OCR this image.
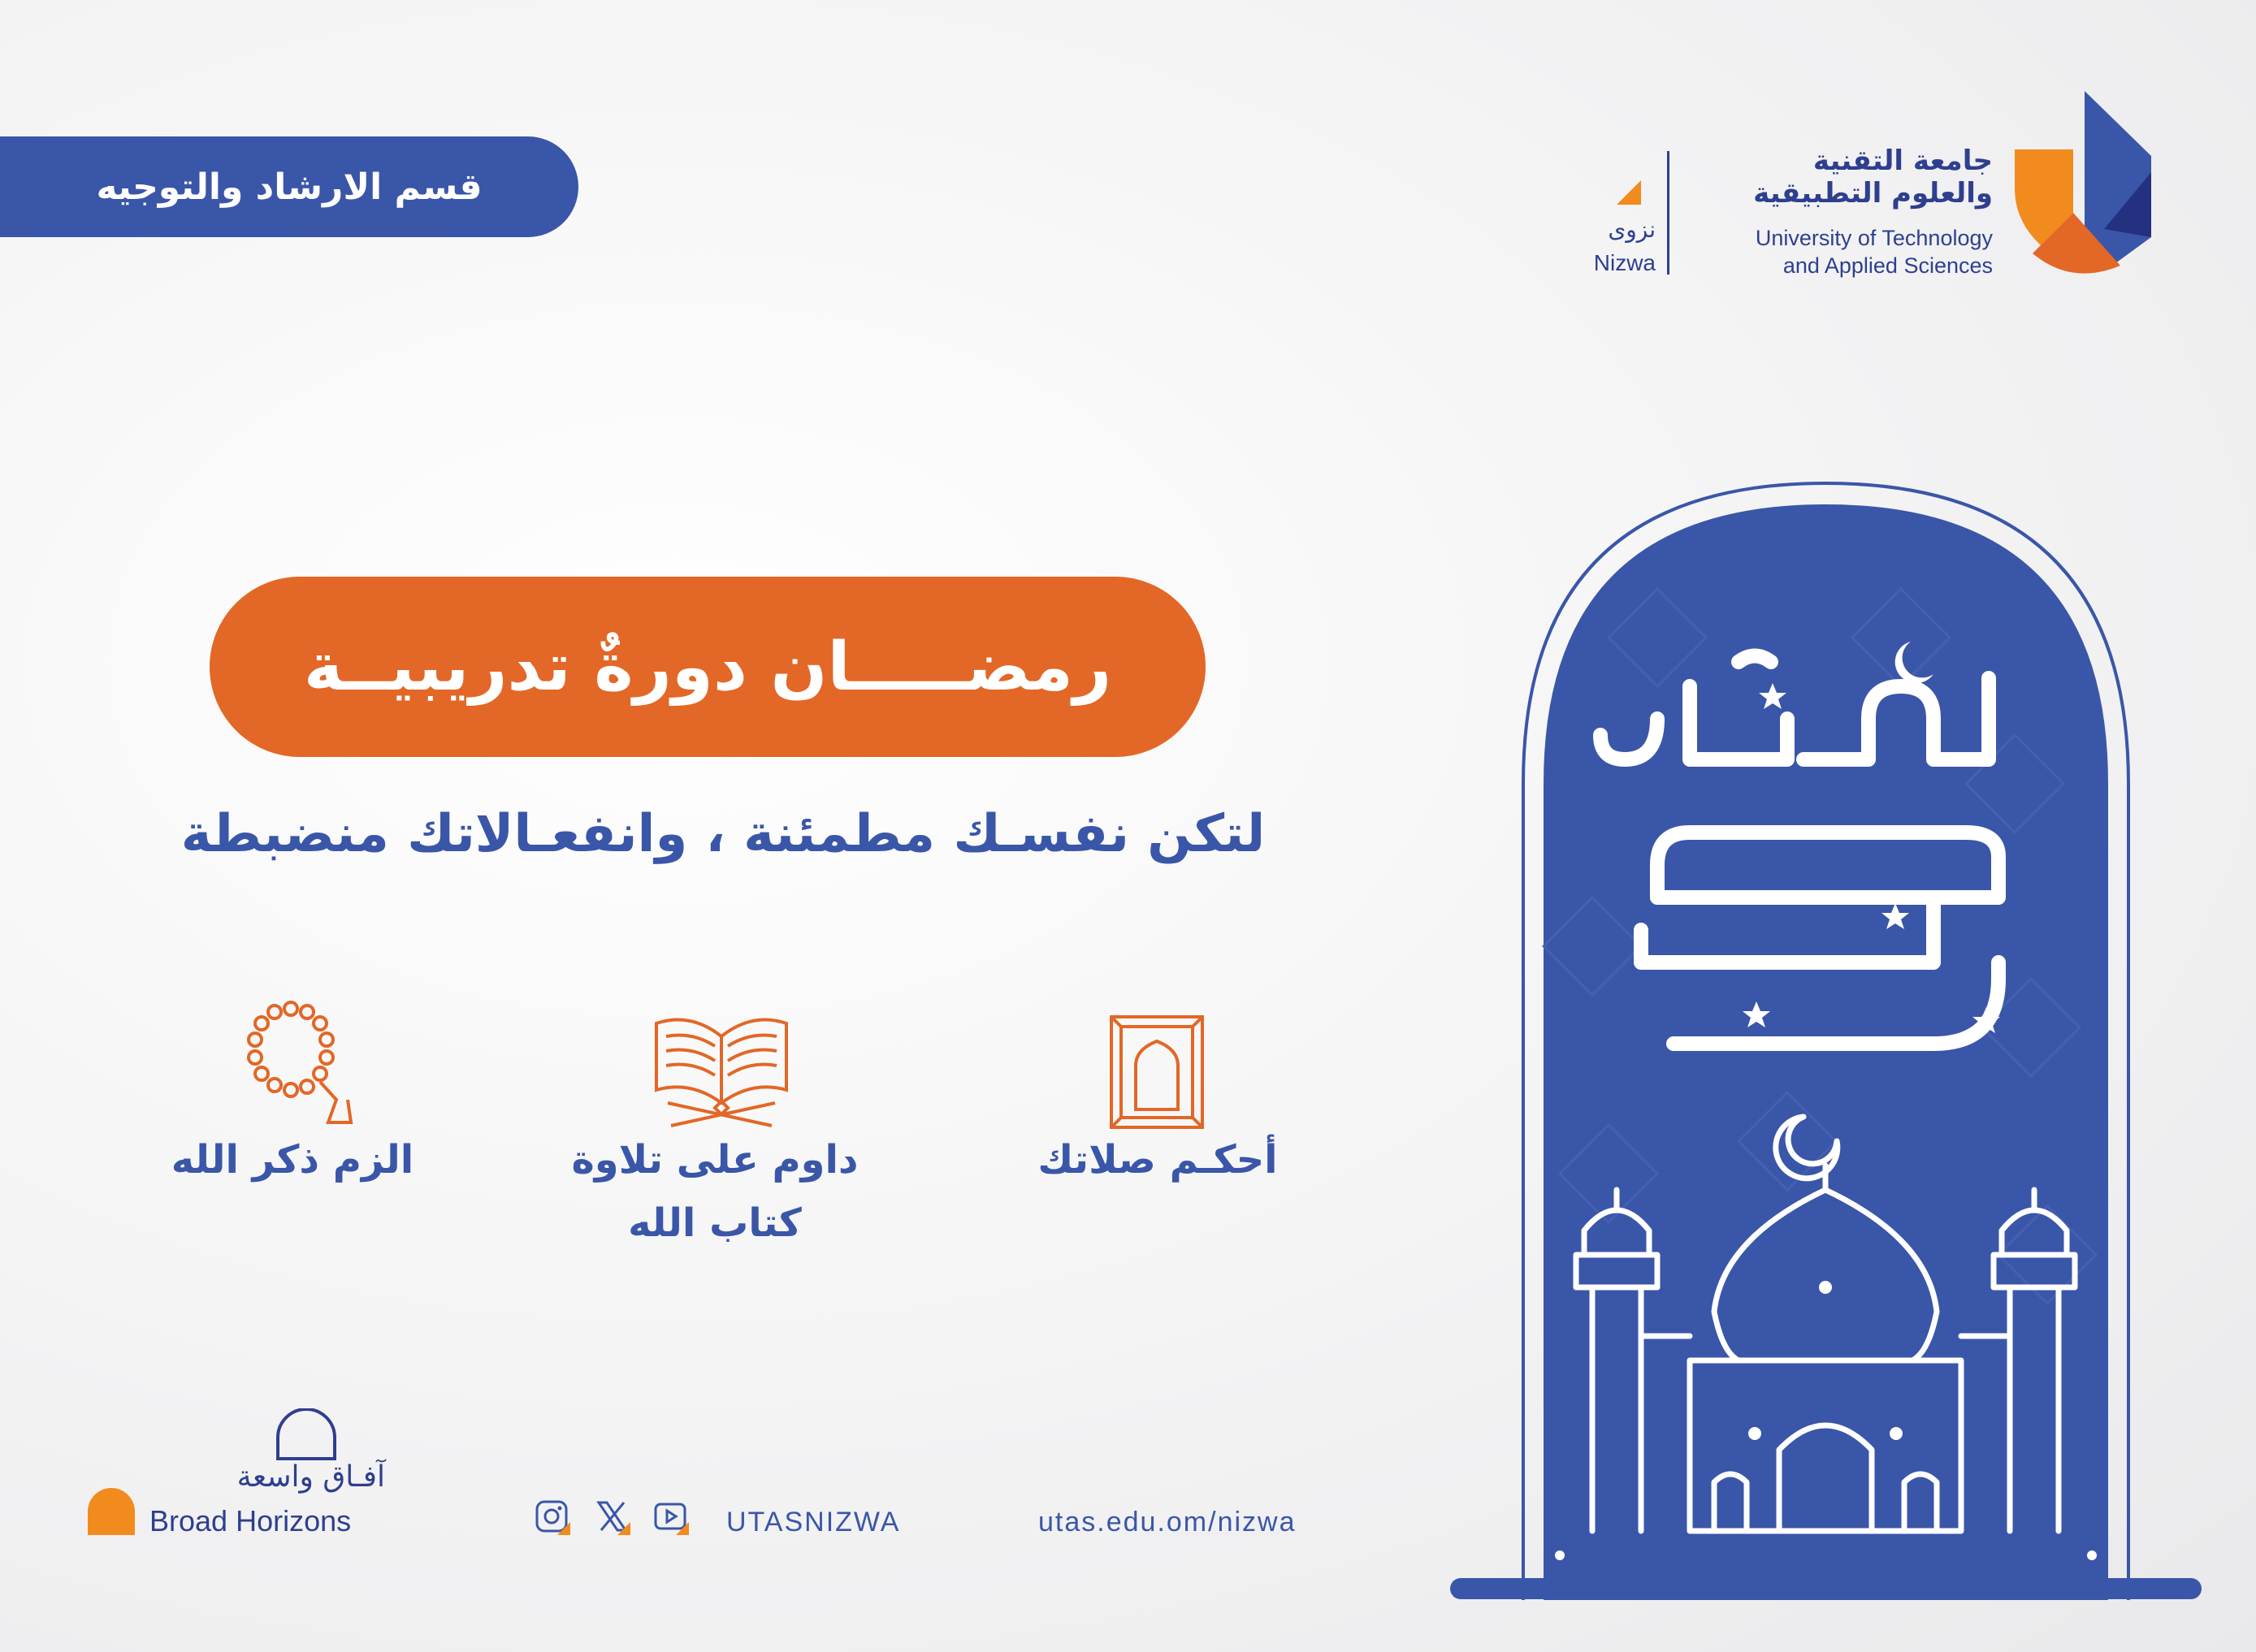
قسم الارشاد والتوجيه
جامعة التقنية
والعلوم التطبيقية
University of Technology
and Applied Sciences
نزوى
Nizwa
رمضـــــان دورةٌ تدريبيــة
لتكن نفسـك مطمئنة ، وانفعـالاتك منضبطة
أحكـم صلاتك
داوم على تلاوة
كتاب الله
الزم ذكر الله
آفـاق واسعة
Broad Horizons	UTASNIZWA	utas.edu.om/nizwa
